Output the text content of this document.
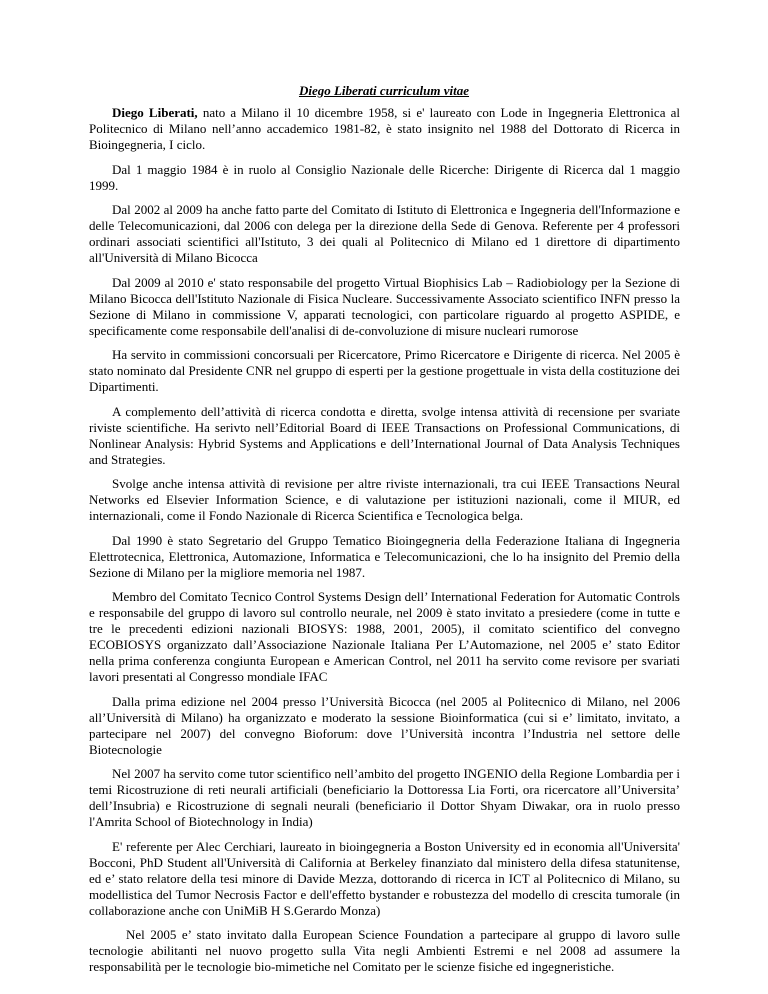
Diego Liberati curriculum vitae

Diego Liberati, nato a Milano il 10 dicembre 1958, si e' laureato con Lode in Ingegneria Elettronica al Politecnico di Milano nell’anno accademico 1981-82, è stato insignito nel 1988 del Dottorato di Ricerca in Bioingegneria, I ciclo.

Dal 1 maggio 1984 è in ruolo al Consiglio Nazionale delle Ricerche: Dirigente di Ricerca dal 1 maggio 1999.

Dal 2002 al 2009 ha anche fatto parte del Comitato di Istituto di Elettronica e Ingegneria dell'Informazione e delle Telecomunicazioni, dal 2006 con delega per la direzione della Sede di Genova. Referente per 4 professori ordinari associati scientifici all'Istituto, 3 dei quali al Politecnico di Milano ed 1 direttore di dipartimento all'Università di Milano Bicocca

Dal 2009 al 2010 e' stato responsabile del progetto Virtual Biophisics Lab – Radiobiology per la Sezione di Milano Bicocca dell'Istituto Nazionale di Fisica Nucleare. Successivamente Associato scientifico INFN presso la Sezione di Milano in commissione V, apparati tecnologici, con particolare riguardo al progetto ASPIDE, e specificamente come responsabile dell'analisi di de-convoluzione di misure nucleari rumorose

Ha servito in commissioni concorsuali per Ricercatore, Primo Ricercatore e Dirigente di ricerca. Nel 2005 è stato nominato dal Presidente CNR nel gruppo di esperti per la gestione progettuale in vista della costituzione dei Dipartimenti.

A complemento dell’attività di ricerca condotta e diretta, svolge intensa attività di recensione per svariate riviste scientifiche. Ha serivto nell’Editorial Board di IEEE Transactions on Professional Communications, di Nonlinear Analysis: Hybrid Systems and Applications e dell’International Journal of Data Analysis Techniques and Strategies.

Svolge anche intensa attività di revisione per altre riviste internazionali, tra cui IEEE Transactions Neural Networks ed Elsevier Information Science, e di valutazione per istituzioni nazionali, come il MIUR, ed internazionali, come il Fondo Nazionale di Ricerca Scientifica e Tecnologica belga.

Dal 1990 è stato Segretario del Gruppo Tematico Bioingegneria della Federazione Italiana di Ingegneria Elettrotecnica, Elettronica, Automazione, Informatica e Telecomunicazioni, che lo ha insignito del Premio della Sezione di Milano per la migliore memoria nel 1987.

Membro del Comitato Tecnico Control Systems Design dell’ International Federation for Automatic Controls e responsabile del gruppo di lavoro sul controllo neurale, nel 2009 è stato invitato a presiedere (come in tutte e tre le precedenti edizioni nazionali BIOSYS: 1988, 2001, 2005), il comitato scientifico del convegno ECOBIOSYS organizzato dall’Associazione Nazionale Italiana Per L’Automazione, nel 2005 e’ stato Editor nella prima conferenza congiunta European e American Control, nel 2011 ha servito come revisore per svariati lavori presentati al Congresso mondiale IFAC

Dalla prima edizione nel 2004 presso l’Università Bicocca (nel 2005 al Politecnico di Milano, nel 2006 all’Università di Milano) ha organizzato e moderato la sessione Bioinformatica (cui si e’ limitato, invitato, a partecipare nel 2007) del convegno Bioforum: dove l’Università incontra l’Industria nel settore delle Biotecnologie

Nel 2007 ha servito come tutor scientifico nell’ambito del progetto INGENIO della Regione Lombardia per i temi Ricostruzione di reti neurali artificiali (beneficiario la Dottoressa Lia Forti, ora ricercatore all’Universita’ dell’Insubria) e Ricostruzione di segnali neurali (beneficiario il Dottor Shyam Diwakar, ora in ruolo presso l'Amrita School of Biotechnology in India)

E' referente per Alec Cerchiari, laureato in bioingegneria a Boston University ed in economia all'Universita' Bocconi, PhD Student all'Università di California at Berkeley finanziato dal ministero della difesa statunitense, ed e’ stato relatore della tesi minore di Davide Mezza, dottorando di ricerca in ICT al Politecnico di Milano, su modellistica del Tumor Necrosis Factor e dell'effetto bystander e robustezza del modello di crescita tumorale (in collaborazione anche con UniMiB H S.Gerardo Monza)

Nel 2005 e’ stato invitato dalla European Science Foundation a partecipare al gruppo di lavoro sulle tecnologie abilitanti nel nuovo progetto sulla Vita negli Ambienti Estremi e nel 2008 ad assumere la responsabilità per le tecnologie bio-mimetiche nel Comitato per le scienze fisiche ed ingegneristiche.
